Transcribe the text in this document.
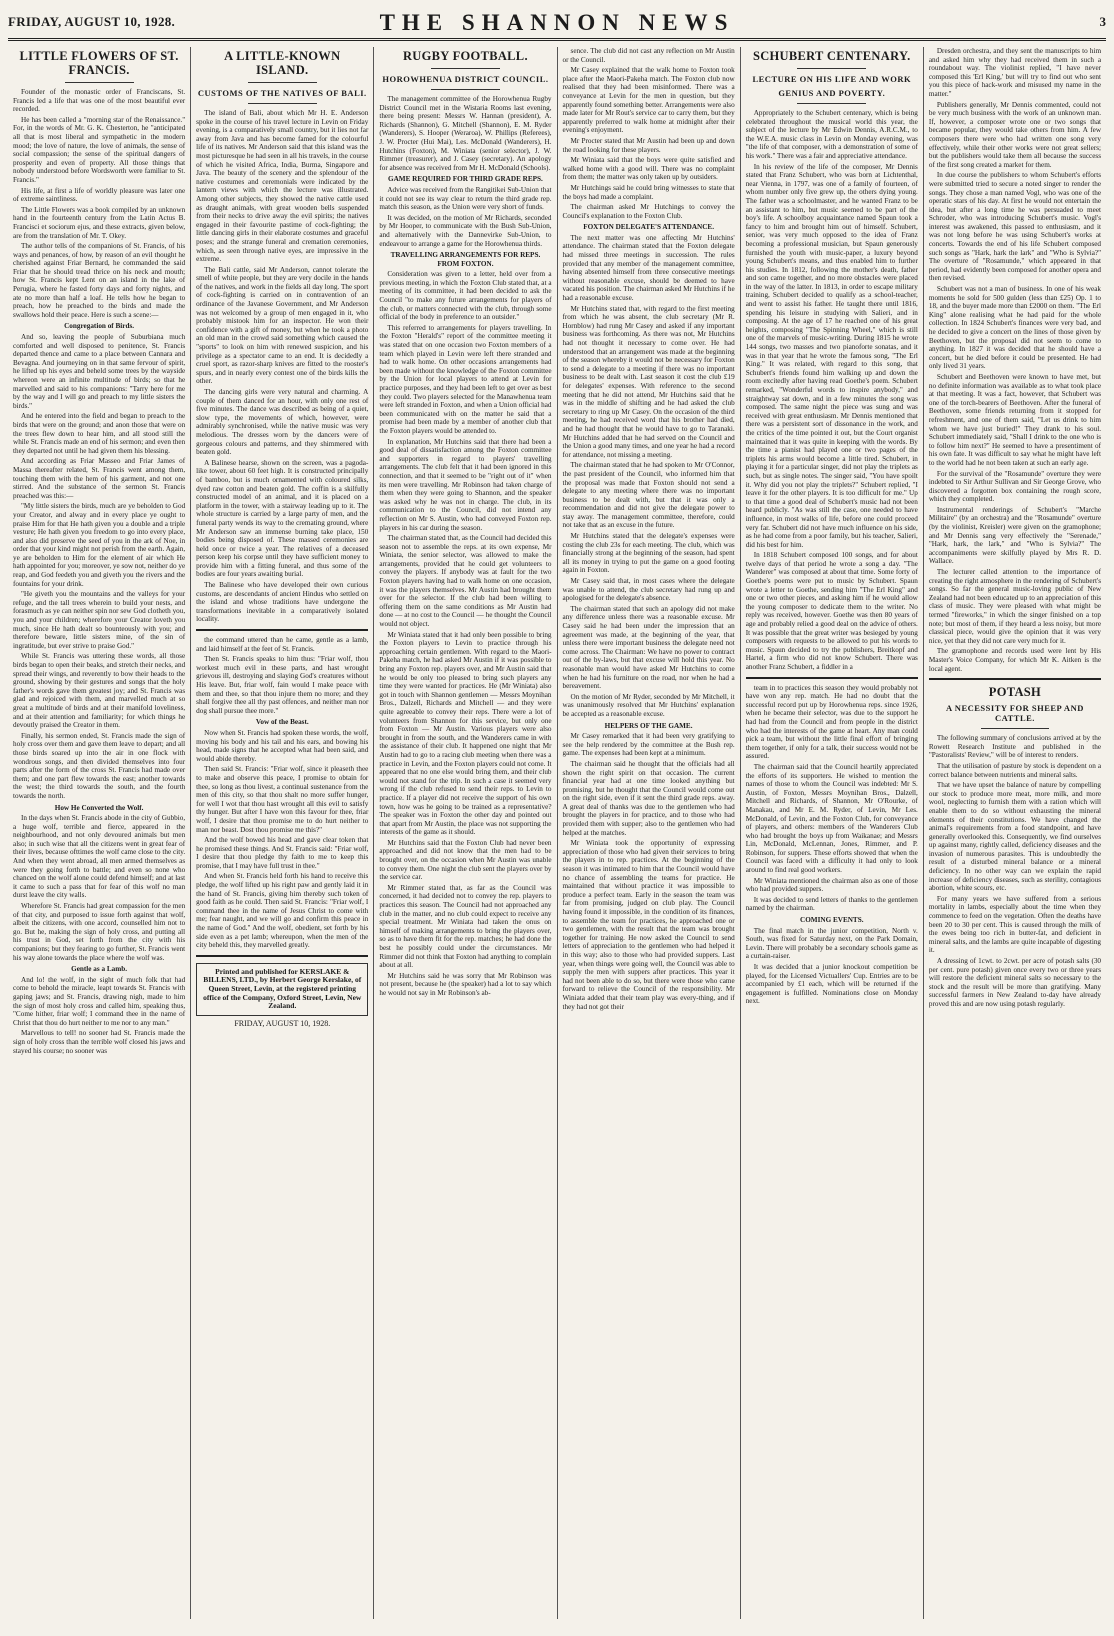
FRIDAY, AUGUST 10, 1928.	THE SHANNON NEWS	3
LITTLE FLOWERS OF ST. FRANCIS.

Founder of the monastic order of Franciscans, St. Francis led a life that was one of the most beautiful ever recorded.

He has been called a "morning star of the Renaissance." For, in the words of Mr. G. K. Chesterton, he "anticipated all that is most liberal and sympathetic in the modern mood; the love of nature, the love of animals, the sense of social compassion; the sense of the spiritual dangers of prosperity and even of property. All those things that nobody understood before Wordsworth were familiar to St. Francis."

His life, at first a life of worldly pleasure was later one of extreme saintliness.

The Little Flowers was a book compiled by an unknown hand in the fourteenth century from the Latin Actus B. Francisci et sociorum ejus, and these extracts, given below, are from the translation of Mr. T. Okey.

The author tells of the companions of St. Francis, of his ways and penances, of how, by reason of an evil thought he cherished against Friar Bernard, he commanded the said Friar that he should tread thrice on his neck and mouth; how St. Francis kept Lent on an island in the lake of Perugia, where he fasted forty days and forty nights, and ate no more than half a loaf. He tells how he began to preach, how he preached to the birds and made the swallows hold their peace. Here is such a scene:—

Congregation of Birds.

And so, leaving the people of Suburbiana much comforted and well disposed to penitence, St. Francis departed thence and came to a place between Cannara and Bevagna. And journeying on in that same fervour of spirit, he lifted up his eyes and beheld some trees by the wayside whereon were an infinite multitude of birds; so that he marvelled and said to his companions: "Tarry here for me by the way and I will go and preach to my little sisters the birds."

And he entered into the field and began to preach to the birds that were on the ground; and anon those that were on the trees flew down to hear him, and all stood still the while St. Francis made an end of his sermon; and even then they departed not until he had given them his blessing.

And according as Friar Masseo and Friar James of Massa thereafter related, St. Francis went among them, touching them with the hem of his garment, and not one stirred. And the substance of the sermon St. Francis preached was this:—

"My little sisters the birds, much are ye beholden to God your Creator, and alway and in every place ye ought to praise Him for that He hath given you a double and a triple vesture; He hath given you freedom to go into every place, and also did preserve the seed of you in the ark of Noe, in order that your kind might not perish from the earth. Again, ye are beholden to Him for the element of air which He hath appointed for you; moreover, ye sow not, neither do ye reap, and God feedeth you and giveth you the rivers and the fountains for your drink.

"He giveth you the mountains and the valleys for your refuge, and the tall trees wherein to build your nests, and forasmuch as ye can neither spin nor sew God clotheth you, you and your children; wherefore your Creator loveth you much, since He hath dealt so bounteously with you; and therefore beware, little sisters mine, of the sin of ingratitude, but ever strive to praise God."

While St. Francis was uttering these words, all those birds began to open their beaks, and stretch their necks, and spread their wings, and reverently to bow their heads to the ground, showing by their gestures and songs that the holy father's words gave them greatest joy; and St. Francis was glad and rejoiced with them, and marvelled much at so great a multitude of birds and at their manifold loveliness, and at their attention and familiarity; for which things he devoutly praised the Creator in them.

Finally, his sermon ended, St. Francis made the sign of holy cross over them and gave them leave to depart; and all those birds soared up into the air in one flock with wondrous songs, and then divided themselves into four parts after the form of the cross St. Francis had made over them; and one part flew towards the east; another towards the west; the third towards the south, and the fourth towards the north.

How He Converted the Wolf.

In the days when St. Francis abode in the city of Gubbio, a huge wolf, terrible and fierce, appeared in the neighbourhood, and not only devoured animals but men also; in such wise that all the citizens went in great fear of their lives, because ofttimes the wolf came close to the city. And when they went abroad, all men armed themselves as were they going forth to battle; and even so none who chanced on the wolf alone could defend himself; and at last it came to such a pass that for fear of this wolf no man durst leave the city walls.

Wherefore St. Francis had great compassion for the men of that city, and purposed to issue forth against that wolf, albeit the citizens, with one accord, counselled him not to go. But he, making the sign of holy cross, and putting all his trust in God, set forth from the city with his companions; but they fearing to go further, St. Francis went his way alone towards the place where the wolf was.

Gentle as a Lamb.

And lo! the wolf, in the sight of much folk that had come to behold the miracle, leapt towards St. Francis with gaping jaws; and St. Francis, drawing nigh, made to him the sign of most holy cross and called him, speaking thus, "Come hither, friar wolf; I command thee in the name of Christ that thou do hurt neither to me nor to any man."

Marvellous to tell! no sooner had St. Francis made the sign of holy cross than the terrible wolf closed his jaws and stayed his course; no sooner was

A LITTLE-KNOWN ISLAND.
CUSTOMS OF THE NATIVES OF BALI.

The island of Bali, about which Mr H. E. Anderson spoke in the course of his travel lecture in Levin on Friday evening, is a comparatively small country, but it lies not far away from Java and has become famed for the colourful life of its natives. Mr Anderson said that this island was the most picturesque he had seen in all his travels, in the course of which he visited Africa, India, Burma, Singapore and Java. The beauty of the scenery and the splendour of the native costumes and ceremonials were indicated by the lantern views with which the lecture was illustrated. Among other subjects, they showed the native cattle used as draught animals, with great wooden bells suspended from their necks to drive away the evil spirits; the natives engaged in their favourite pastime of cock-fighting; the little dancing girls in their elaborate costumes and graceful poses; and the strange funeral and cremation ceremonies, which, as seen through native eyes, are impressive in the extreme.

The Bali cattle, said Mr Anderson, cannot tolerate the smell of white people, but they are very docile in the hands of the natives, and work in the fields all day long. The sport of cock-fighting is carried on in contravention of an ordinance of the Javanese Government, and Mr Anderson was not welcomed by a group of men engaged in it, who probably mistook him for an inspector. He won their confidence with a gift of money, but when he took a photo an old man in the crowd said something which caused the "sports" to look on him with renewed suspicion, and his privilege as a spectator came to an end. It is decidedly a cruel sport, as razor-sharp knives are fitted to the rooster's spurs, and in nearly every contest one of the birds kills the other.

The dancing girls were very natural and charming. A couple of them danced for an hour, with only one rest of five minutes. The dance was described as being of a quiet, slow type, the movements of which, however, were admirably synchronised, while the native music was very melodious. The dresses worn by the dancers were of gorgeous colours and patterns, and they shimmered with beaten gold.

A Balinese hearse, shown on the screen, was a pagoda-like tower, about 60 feet high. It is constructed principally of bamboo, but is much ornamented with coloured silks, dyed raw cotton and beaten gold. The coffin is a skilfully constructed model of an animal, and it is placed on a platform in the tower, with a stairway leading up to it. The whole structure is carried by a large party of men, and the funeral party wends its way to the cremating ground, where Mr Anderson saw an immense burning take place, 150 bodies being disposed of. These massed ceremonies are held once or twice a year. The relatives of a deceased person keep his corpse until they have sufficient money to provide him with a fitting funeral, and thus some of the bodies are four years awaiting burial.

The Balinese who have developed their own curious customs, are descendants of ancient Hindus who settled on the island and whose traditions have undergone the transformations inevitable in a comparatively isolated locality.

the command uttered than he came, gentle as a lamb, and laid himself at the feet of St. Francis.

Then St. Francis speaks to him thus: "Friar wolf, thou workest much evil in these parts, and hast wrought grievous ill, destroying and slaying God's creatures without His leave. But, friar wolf, fain would I make peace with them and thee, so that thou injure them no more; and they shall forgive thee all thy past offences, and neither man nor dog shall pursue thee more."

Vow of the Beast.

Now when St. Francis had spoken these words, the wolf, moving his body and his tail and his ears, and bowing his head, made signs that he accepted what had been said, and would abide thereby.

Then said St. Francis: "Friar wolf, since it pleaseth thee to make and observe this peace, I promise to obtain for thee, so long as thou livest, a continual sustenance from the men of this city, so that thou shalt no more suffer hunger, for well I wot that thou hast wrought all this evil to satisfy thy hunger. But after I have won this favour for thee, friar wolf, I desire that thou promise me to do hurt neither to man nor beast. Dost thou promise me this?"

And the wolf bowed his head and gave clear token that he promised these things. And St. Francis said: "Friar wolf, I desire that thou pledge thy faith to me to keep this promise, that I may have full trust in thee."

And when St. Francis held forth his hand to receive this pledge, the wolf lifted up his right paw and gently laid it in the hand of St. Francis, giving him thereby such token of good faith as he could. Then said St. Francis: "Friar wolf, I command thee in the name of Jesus Christ to come with me; fear naught, and we will go and confirm this peace in the name of God." And the wolf, obedient, set forth by his side even as a pet lamb; whereupon, when the men of the city beheld this, they marvelled greatly.

Printed and published for KERSLAKE & BILLENS, LTD., by Herbert George Kerslake, of Queen Street, Levin, at the registered printing office of the Company, Oxford Street, Levin, New Zealand.

FRIDAY, AUGUST 10, 1928.

RUGBY FOOTBALL.
HOROWHENUA DISTRICT COUNCIL.

The management committee of the Horowhenua Rugby District Council met in the Wistaria Rooms last evening, there being present: Messrs W. Hannan (president), A. Richards (Shannon), G. Mitchell (Shannon), E. M. Ryder (Wanderers), S. Hooper (Weraroa), W. Phillips (Referees), J. W. Procter (Hui Mai), Les. McDonald (Wanderers), H. Hutchins (Foxton), M. Winiata (senior selector), J. W. Rimmer (treasurer), and J. Casey (secretary). An apology for absence was received from Mr H. McDonald (Schools).

GAME REQUIRED FOR THIRD GRADE REPS.

Advice was received from the Rangitikei Sub-Union that it could not see its way clear to return the third grade rep. match this season, as the Union were very short of funds.

It was decided, on the motion of Mr Richards, seconded by Mr Hooper, to communicate with the Bush Sub-Union, and alternatively with the Dannevirke Sub-Union, to endeavour to arrange a game for the Horowhenua thirds.

TRAVELLING ARRANGEMENTS FOR REPS. FROM FOXTON.

Consideration was given to a letter, held over from a previous meeting, in which the Foxton Club stated that, at a meeting of its committee, it had been decided to ask the Council "to make any future arrangements for players of the club, or matters connected with the club, through some official of the body in preference to an outsider."

This referred to arrangements for players travelling. In the Foxton "Herald's" report of the committee meeting it was stated that on one occasion two Foxton members of a team which played in Levin were left there stranded and had to walk home. On other occasions arrangements had been made without the knowledge of the Foxton committee by the Union for local players to attend at Levin for practice purposes, and they had been left to get over as best they could. Two players selected for the Manawhenua team were left stranded in Foxton, and when a Union official had been communicated with on the matter he said that a promise had been made by a member of another club that the Foxton players would be attended to.

In explanation, Mr Hutchins said that there had been a good deal of dissatisfaction among the Foxton committee and supporters in regard to players' travelling arrangements. The club felt that it had been ignored in this connection, and that it seemed to be "right out of it" when its men were travelling. Mr Robinson had taken charge of them when they were going to Shannon, and the speaker was asked why he was not in charge. The club, in its communication to the Council, did not intend any reflection on Mr S. Austin, who had conveyed Foxton rep. players in his car during the season.

The chairman stated that, as the Council had decided this season not to assemble the reps. at its own expense, Mr Winiata, the senior selector, was allowed to make the arrangements, provided that he could get volunteers to convey the players. If anybody was at fault for the two Foxton players having had to walk home on one occasion, it was the players themselves. Mr Austin had brought them over for the selector. If the club had been willing to offering them on the same conditions as Mr Austin had done — at no cost to the Council — he thought the Council would not object.

Mr Winiata stated that it had only been possible to bring the Foxton players to Levin to practice through his approaching certain gentlemen. With regard to the Maori-Pakeha match, he had asked Mr Austin if it was possible to bring any Foxton rep. players over, and Mr Austin said that he would be only too pleased to bring such players any time they were wanted for practices. He (Mr Winiata) also got in touch with Shannon gentlemen — Messrs Moynihan Bros., Dalzell, Richards and Mitchell — and they were quite agreeable to convey their reps. There were a lot of volunteers from Shannon for this service, but only one from Foxton — Mr Austin. Various players were also brought in from the south, and the Wanderers came in with the assistance of their club. It happened one night that Mr Austin had to go to a racing club meeting when there was a practice in Levin, and the Foxton players could not come. It appeared that no one else would bring them, and their club would not stand for the trip. In such a case it seemed very wrong if the club refused to send their reps. to Levin to practice. If a player did not receive the support of his own town, how was he going to be trained as a representative? The speaker was in Foxton the other day and pointed out that apart from Mr Austin, the place was not supporting the interests of the game as it should.

Mr Hutchins said that the Foxton Club had never been approached and did not know that the men had to be brought over, on the occasion when Mr Austin was unable to convey them. One night the club sent the players over by the service car.

Mr Rimmer stated that, as far as the Council was concerned, it had decided not to convey the rep. players to practices this season. The Council had not approached any club in the matter, and no club could expect to receive any special treatment. Mr Winiata had taken the onus on himself of making arrangements to bring the players over, so as to have them fit for the rep. matches; he had done the best he possibly could under the circumstances. Mr Rimmer did not think that Foxton had anything to complain about at all.

Mr Hutchins said he was sorry that Mr Robinson was not present, because he (the speaker) had a lot to say which he would not say in Mr Robinson's ab-

sence. The club did not cast any reflection on Mr Austin or the Council.

Mr Casey explained that the walk home to Foxton took place after the Maori-Pakeha match. The Foxton club now realised that they had been misinformed. There was a conveyance at Levin for the men in question, but they apparently found something better. Arrangements were also made later for Mr Rout's service car to carry them, but they apparently preferred to walk home at midnight after their evening's enjoyment.

Mr Procter stated that Mr Austin had been up and down the road looking for these players.

Mr Winiata said that the boys were quite satisfied and walked home with a good will. There was no complaint from them; the matter was only taken up by outsiders.

Mr Hutchings said he could bring witnesses to state that the boys had made a complaint.

The chairman asked Mr Hutchings to convey the Council's explanation to the Foxton Club.

FOXTON DELEGATE'S ATTENDANCE.

The next matter was one affecting Mr Hutchins' attendance. The chairman stated that the Foxton delegate had missed three meetings in succession. The rules provided that any member of the management committee, having absented himself from three consecutive meetings without reasonable excuse, should be deemed to have vacated his position. The chairman asked Mr Hutchins if he had a reasonable excuse.

Mr Hutchins stated that, with regard to the first meeting from which he was absent, the club secretary (Mr R. Hornblow) had rung Mr Casey and asked if any important business was forthcoming. As there was not, Mr Hutchins had not thought it necessary to come over. He had understood that an arrangement was made at the beginning of the season whereby it would not be necessary for Foxton to send a delegate to a meeting if there was no important business to be dealt with. Last season it cost the club £19 for delegates' expenses. With reference to the second meeting that he did not attend, Mr Hutchins said that he was in the middle of shifting and he had asked the club secretary to ring up Mr Casey. On the occasion of the third meeting, he had received word that his brother had died, and he had thought that he would have to go to Taranaki. Mr Hutchins added that he had served on the Council and the Union a good many times, and one year he had a record for attendance, not missing a meeting.

The chairman stated that he had spoken to Mr O'Connor, the past president of the Council, who informed him that the proposal was made that Foxton should not send a delegate to any meeting where there was no important business to be dealt with, but that it was only a recommendation and did not give the delegate power to stay away. The management committee, therefore, could not take that as an excuse in the future.

Mr Hutchins stated that the delegate's expenses were costing the club 23s for each meeting. The club, which was financially strong at the beginning of the season, had spent all its money in trying to put the game on a good footing again in Foxton.

Mr Casey said that, in most cases where the delegate was unable to attend, the club secretary had rung up and apologised for the delegate's absence.

The chairman stated that such an apology did not make any difference unless there was a reasonable excuse. Mr Casey said he had been under the impression that an agreement was made, at the beginning of the year, that unless there were important business the delegate need not come across. The Chairman: We have no power to contract out of the by-laws, but that excuse will hold this year. No reasonable man would have asked Mr Hutchins to come when he had his furniture on the road, nor when he had a bereavement.

On the motion of Mr Ryder, seconded by Mr Mitchell, it was unanimously resolved that Mr Hutchins' explanation be accepted as a reasonable excuse.

HELPERS OF THE GAME.

Mr Casey remarked that it had been very gratifying to see the help rendered by the committee at the Bush rep. game. The expenses had been kept at a minimum.

The chairman said he thought that the officials had all shown the right spirit on that occasion. The current financial year had at one time looked anything but promising, but he thought that the Council would come out on the right side, even if it sent the third grade reps. away. A great deal of thanks was due to the gentlemen who had brought the players in for practice, and to those who had provided them with supper; also to the gentlemen who had helped at the matches.

Mr Winiata took the opportunity of expressing appreciation of those who had given their services to bring the players in to rep. practices. At the beginning of the season it was intimated to him that the Council would have no chance of assembling the teams for practice. He maintained that without practice it was impossible to produce a perfect team. Early in the season the team was far from promising, judged on club play. The Council having found it impossible, in the condition of its finances, to assemble the team for practices, he approached one or two gentlemen, with the result that the team was brought together for training. He now asked the Council to send letters of appreciation to the gentlemen who had helped it in this way; also to those who had provided suppers. Last year, when things were going well, the Council was able to supply the men with suppers after practices. This year it had not been able to do so, but there were those who came forward to relieve the Council of the responsibility. Mr Winiata added that their team play was every-thing, and if they had not got their

SCHUBERT CENTENARY.
LECTURE ON HIS LIFE AND WORK
GENIUS AND POVERTY.

Appropriately to the Schubert centenary, which is being celebrated throughout the musical world this year, the subject of the lecture by Mr Edwin Dennis, A.R.C.M., to the W.E.A. music class in Levin on Monday evening, was "the life of that composer, with a demonstration of some of his work." There was a fair and appreciative attendance.

In his review of the life of the composer, Mr Dennis stated that Franz Schubert, who was born at Lichtenthal, near Vienna, in 1797, was one of a family of fourteen, of whom number only five grew up, the others dying young. The father was a schoolmaster, and he wanted Franz to be an assistant to him, but music seemed to be part of the boy's life. A schoolboy acquaintance named Spaun took a fancy to him and brought him out of himself. Schubert, senior, was very much opposed to the idea of Franz becoming a professional musician, but Spaun generously furnished the youth with music-paper, a luxury beyond young Schubert's means, and thus enabled him to further his studies. In 1812, following the mother's death, father and son came together, and no more obstacles were placed in the way of the latter. In 1813, in order to escape military training, Schubert decided to qualify as a school-teacher, and went to assist his father. He taught there until 1816, spending his leisure in studying with Salieri, and in composing. At the age of 17 he reached one of his great heights, composing "The Spinning Wheel," which is still one of the marvels of music-writing. During 1815 he wrote 144 songs, two masses and two pianoforte sonatas, and it was in that year that he wrote the famous song, "The Erl King." It was related, with regard to this song, that Schubert's friends found him walking up and down the room excitedly after having read Goethe's poem. Schubert remarked, "Wonderful words to inspire anybody," and straightway sat down, and in a few minutes the song was composed. The same night the piece was sung and was received with great enthusiasm. Mr Dennis mentioned that there was a persistent sort of dissonance in the work, and the critics of the time pointed it out, but the Court organist maintained that it was quite in keeping with the words. By the time a pianist had played one or two pages of the triplets his arms would become a little tired. Schubert, in playing it for a particular singer, did not play the triplets as such, but as single notes. The singer said, "You have spoilt it. Why did you not play the triplets?" Schubert replied, "I leave it for the other players. It is too difficult for me." Up to that time a good deal of Schubert's music had not been heard publicly. "As was still the case, one needed to have influence, in most walks of life, before one could proceed very far. Schubert did not have much influence on his side, as he had come from a poor family, but his teacher, Salieri, did his best for him.

In 1818 Schubert composed 100 songs, and for about twelve days of that period he wrote a song a day. "The Wanderer" was composed at about that time. Some forty of Goethe's poems were put to music by Schubert. Spaun wrote a letter to Goethe, sending him "The Erl King" and one or two other pieces, and asking him if he would allow the young composer to dedicate them to the writer. No reply was received, however. Goethe was then 80 years of age and probably relied a good deal on the advice of others. It was possible that the great writer was besieged by young composers with requests to be allowed to put his words to music. Spaun decided to try the publishers, Breitkopf and Hartel, a firm who did not know Schubert. There was another Franz Schubert, a fiddler in a

team in to practices this season they would probably not have won any rep. match. He had no doubt that the successful record put up by Horowhenua reps. since 1926, when he became their selector, was due to the support he had had from the Council and from people in the district who had the interests of the game at heart. Any man could pick a team, but without the little final effort of bringing them together, if only for a talk, their success would not be assured.

The chairman said that the Council heartily appreciated the efforts of its supporters. He wished to mention the names of those to whom the Council was indebted: Mr S. Austin, of Foxton, Messrs Moynihan Bros., Dalzell, Mitchell and Richards, of Shannon, Mr O'Rourke, of Manakau, and Mr E. M. Ryder, of Levin, Mr Les. McDonald, of Levin, and the Foxton Club, for conveyance of players, and others: members of the Wanderers Club who had brought the boys up from Waikanae; and Messrs Lin, McDonald, McLennan, Jones, Rimmer, and P. Robinson, for suppers. These efforts showed that when the Council was faced with a difficulty it had only to look around to find real good workers.

Mr Winiata mentioned the chairman also as one of those who had provided suppers.

It was decided to send letters of thanks to the gentlemen named by the chairman.

COMING EVENTS.

The final match in the junior competition, North v. South, was fixed for Saturday next, on the Park Domain, Levin. There will probably be a secondary schools game as a curtain-raiser.

It was decided that a junior knockout competition be played, for the Licensed Victuallers' Cup. Entries are to be accompanied by £1 each, which will be returned if the engagement is fulfilled. Nominations close on Monday next.

Dresden orchestra, and they sent the manuscripts to him and asked him why they had received them in such a roundabout way. The violinist replied, "I have never composed this 'Erl King,' but will try to find out who sent you this piece of hack-work and misused my name in the matter."

Publishers generally, Mr Dennis commented, could not be very much business with the work of an unknown man. If, however, a composer wrote one or two songs that became popular, they would take others from him. A few composers there were who had written one song very effectively, while their other works were not great sellers; but the publishers would take them all because the success of the first song created a market for them.

In due course the publishers to whom Schubert's efforts were submitted tried to secure a noted singer to render the songs. They chose a man named Vogl, who was one of the operatic stars of his day. At first he would not entertain the idea, but after a long time he was persuaded to meet Schroder, who was introducing Schubert's music. Vogl's interest was awakened, this passed to enthusiasm, and it was not long before he was using Schubert's works at concerts. Towards the end of his life Schubert composed such songs as "Hark, hark the lark" and "Who is Sylvia?" The overture of "Rosamunde," which appeared in that period, had evidently been composed for another opera and then revised.

Schubert was not a man of business. In one of his weak moments he sold for 500 gulden (less than £25) Op. 1 to 18, and the buyer made more than £2000 on them. "The Erl King" alone realising what he had paid for the whole collection. In 1824 Schubert's finances were very bad, and he decided to give a concert on the lines of those given by Beethoven, but the proposal did not seem to come to anything. In 1827 it was decided that he should have a concert, but he died before it could be presented. He had only lived 31 years.

Schubert and Beethoven were known to have met, but no definite information was available as to what took place at that meeting. It was a fact, however, that Schubert was one of the torch-bearers of Beethoven. After the funeral of Beethoven, some friends returning from it stopped for refreshment, and one of them said, "Let us drink to him whom we have just buried!" They drank to his soul. Schubert immediately said, "Shall I drink to the one who is to follow him next?" He seemed to have a presentiment of his own fate. It was difficult to say what he might have left to the world had he not been taken at such an early age.

For the survival of the "Rosamunde" overture they were indebted to Sir Arthur Sullivan and Sir George Grove, who discovered a forgotten box containing the rough score, which they completed.

Instrumental renderings of Schubert's "Marche Militaire" (by an orchestra) and the "Rosamunde" overture (by the violinist, Kreisler) were given on the gramophone; and Mr Dennis sang very effectively the "Serenade," "Hark, hark, the lark," and "Who is Sylvia?" The accompaniments were skilfully played by Mrs R. D. Wallace.

The lecturer called attention to the importance of creating the right atmosphere in the rendering of Schubert's songs. So far the general music-loving public of New Zealand had not been educated up to an appreciation of this class of music. They were pleased with what might be termed "fireworks," in which the singer finished on a top note; but most of them, if they heard a less noisy, but more classical piece, would give the opinion that it was very nice, yet that they did not care very much for it.

The gramophone and records used were lent by His Master's Voice Company, for which Mr K. Aitken is the local agent.

POTASH
A NECESSITY FOR SHEEP AND CATTLE.

The following summary of conclusions arrived at by the Rowett Research Institute and published in the "Pastoralists' Review," will be of interest to renders.

That the utilisation of pasture by stock is dependent on a correct balance between nutrients and mineral salts.

That we have upset the balance of nature by compelling our stock to produce more meat, more milk, and more wool, neglecting to furnish them with a ration which will enable them to do so without exhausting the mineral elements of their constitutions. We have changed the animal's requirements from a food standpoint, and have generally overlooked this. Consequently, we find ourselves up against many, rightly called, deficiency diseases and the invasion of numerous parasites. This is undoubtedly the result of a disturbed mineral balance or a mineral deficiency. In no other way can we explain the rapid increase of deficiency diseases, such as sterility, contagious abortion, white scours, etc.

For many years we have suffered from a serious mortality in lambs, especially about the time when they commence to feed on the vegetation. Often the deaths have been 20 to 30 per cent. This is caused through the milk of the ewes being too rich in butter-fat, and deficient in mineral salts, and the lambs are quite incapable of digesting it.

A dressing of 1cwt. to 2cwt. per acre of potash salts (30 per cent. pure potash) given once every two or three years will restore the deficient mineral salts so necessary to the stock and the result will be more than gratifying. Many successful farmers in New Zealand to-day have already proved this and are now using potash regularly.
